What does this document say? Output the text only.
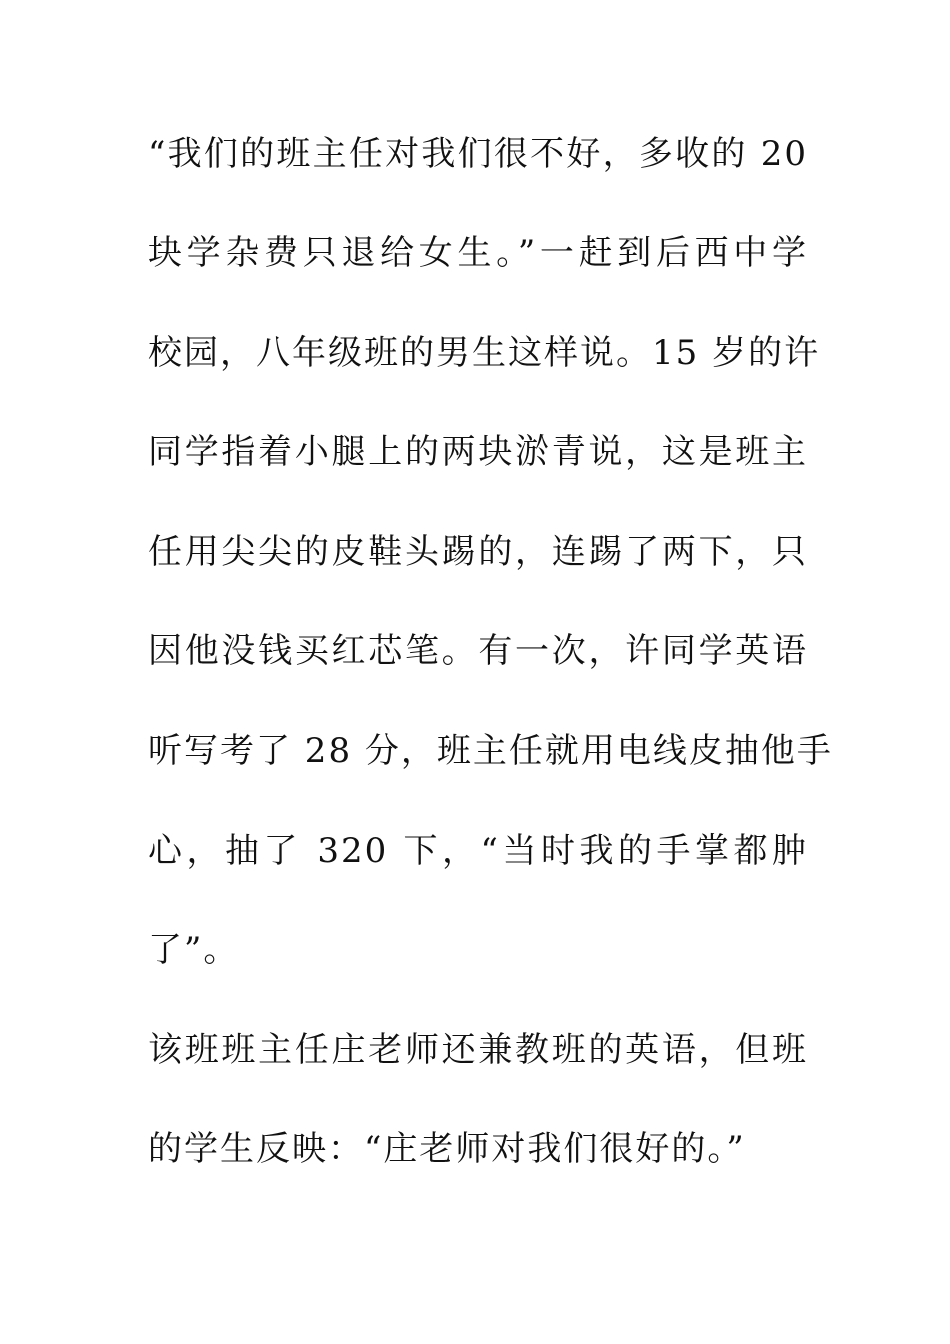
“我们的班主任对我们很不好，多收的 20
块学杂费只退给女生。”一赶到后西中学
校园，八年级班的男生这样说。15 岁的许
同学指着小腿上的两块淤青说，这是班主
任用尖尖的皮鞋头踢的，连踢了两下，只
因他没钱买红芯笔。有一次，许同学英语
听写考了 28 分，班主任就用电线皮抽他手
心，抽了 320 下，“当时我的手掌都肿
了”。
该班班主任庄老师还兼教班的英语，但班
的学生反映：“庄老师对我们很好的。”
